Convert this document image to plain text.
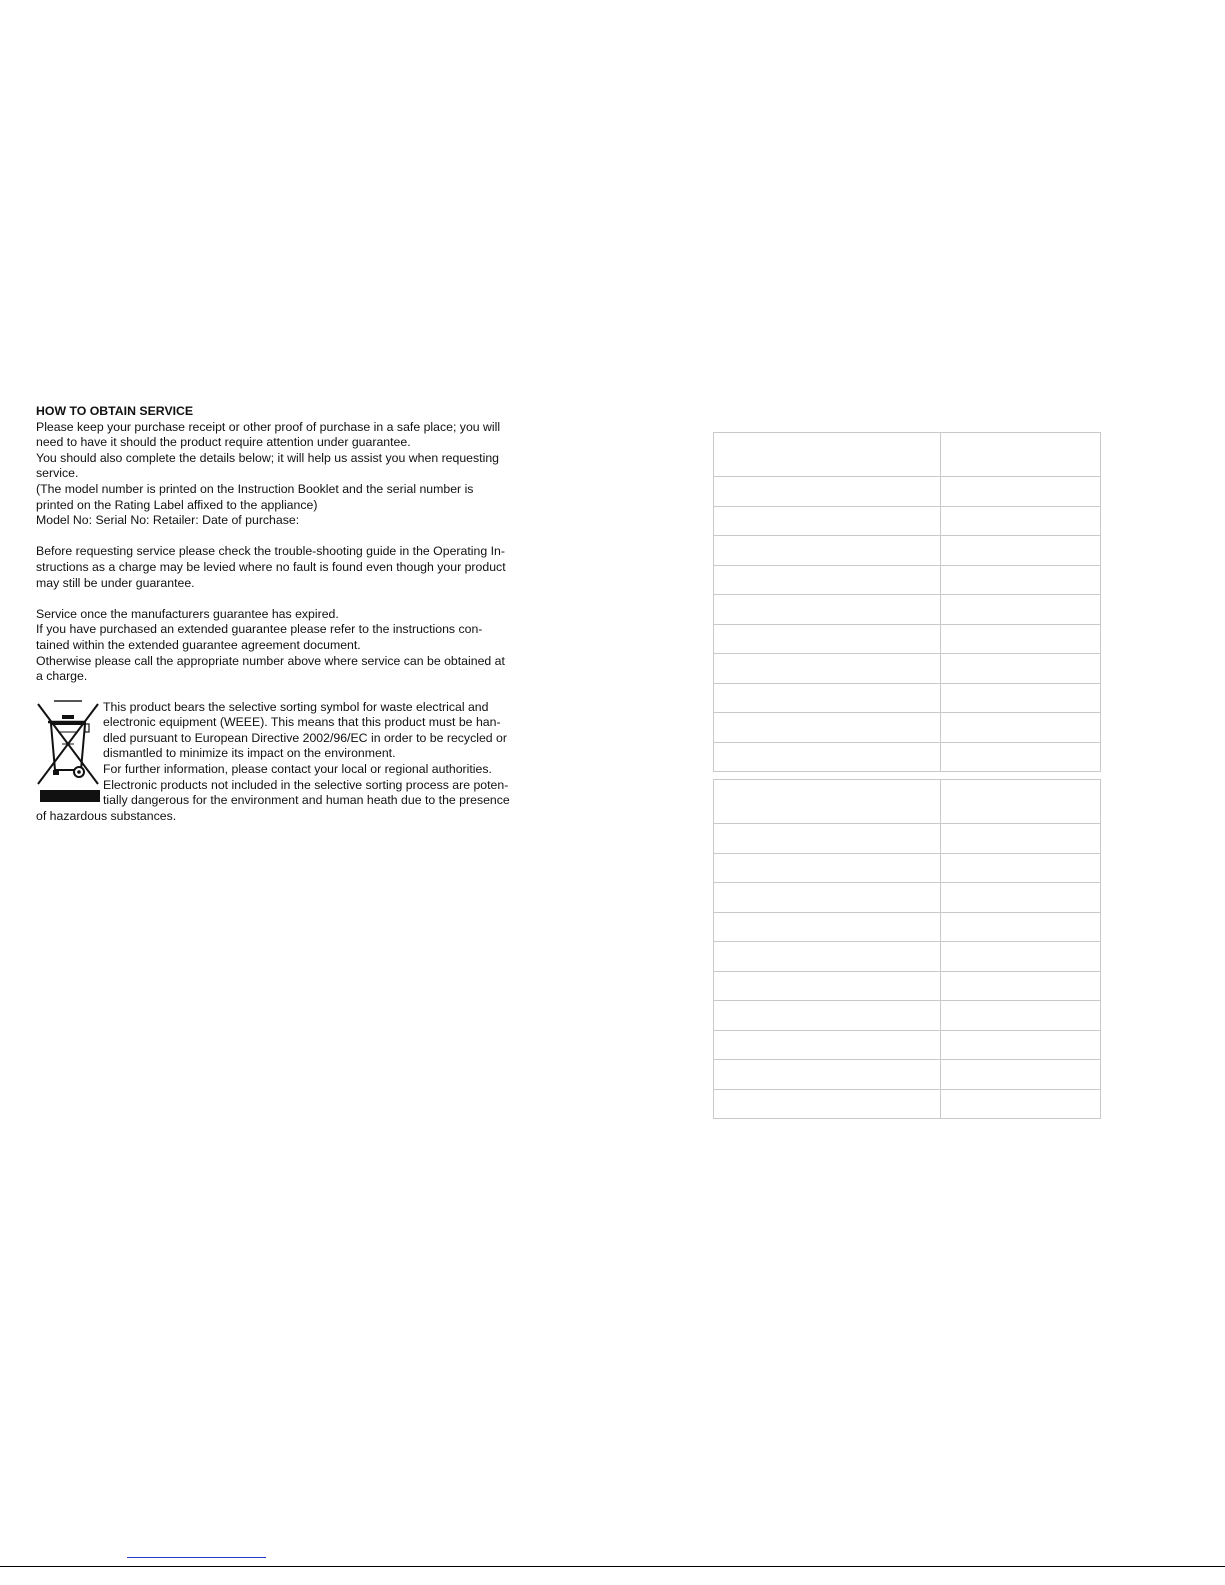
HOW TO OBTAIN SERVICE

Please keep your purchase receipt or other proof of purchase in a safe place; you will

need to have it should the product require attention under guarantee.

You should also complete the details below; it will help us assist you when requesting

service.

(The model number is printed on the Instruction Booklet and the serial number is

printed on the Rating Label affixed to the appliance)

Model No: Serial No: Retailer: Date of purchase:

Before requesting service please check the trouble-shooting guide in the Operating In-

structions as a charge may be levied where no fault is found even though your product

may still be under guarantee.

Service once the manufacturers guarantee has expired.

If you have purchased an extended guarantee please refer to the instructions con-

tained within the extended guarantee agreement document.

Otherwise please call the appropriate number above where service can be obtained at

a charge.

This product bears the selective sorting symbol for waste electrical and

electronic equipment (WEEE). This means that this product must be han-

dled pursuant to European Directive 2002/96/EC in order to be recycled or

dismantled to minimize its impact on the environment.

For further information, please contact your local or regional authorities.

Electronic products not included in the selective sorting process are poten-

tially dangerous for the environment and human heath due to the presence

of hazardous substances.
